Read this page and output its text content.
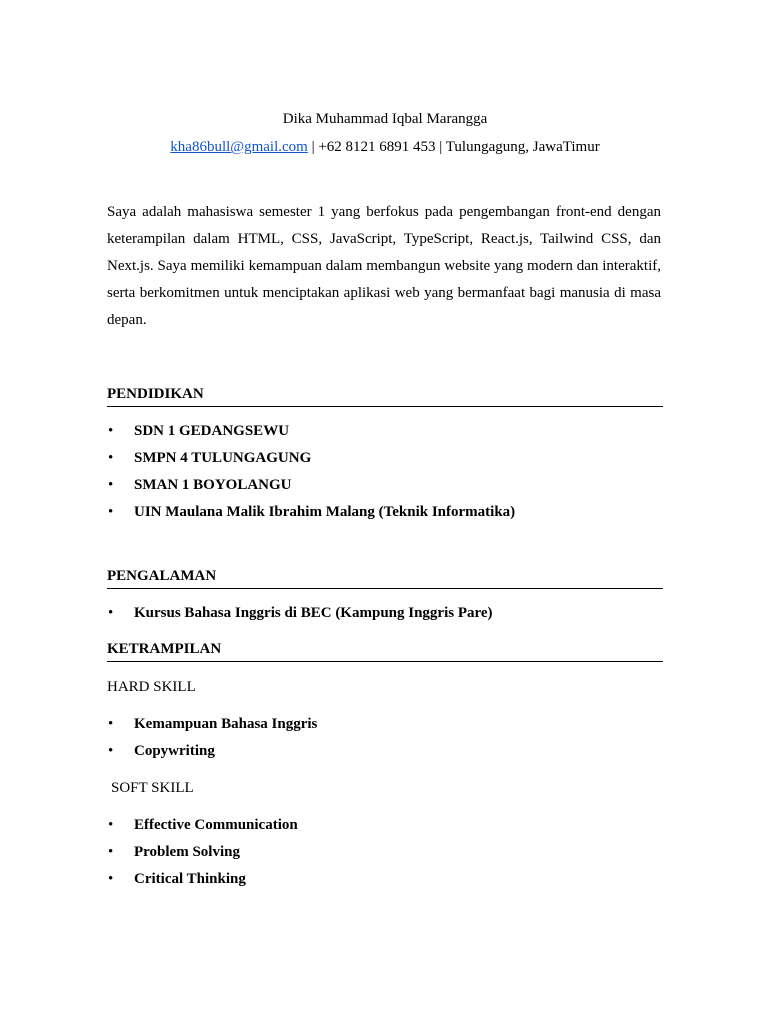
Dika Muhammad Iqbal Marangga
kha86bull@gmail.com | +62 8121 6891 453 | Tulungagung, JawaTimur

Saya adalah mahasiswa semester 1 yang berfokus pada pengembangan front-end dengan keterampilan dalam HTML, CSS, JavaScript, TypeScript, React.js, Tailwind CSS, dan Next.js. Saya memiliki kemampuan dalam membangun website yang modern dan interaktif, serta berkomitmen untuk menciptakan aplikasi web yang bermanfaat bagi manusia di masa depan.

PENDIDIKAN
• SDN 1 GEDANGSEWU
• SMPN 4 TULUNGAGUNG
• SMAN 1 BOYOLANGU
• UIN Maulana Malik Ibrahim Malang (Teknik Informatika)
PENGALAMAN
• Kursus Bahasa Inggris di BEC (Kampung Inggris Pare)
KETRAMPILAN
HARD SKILL
• Kemampuan Bahasa Inggris
• Copywriting
SOFT SKILL
• Effective Communication
• Problem Solving
• Critical Thinking
